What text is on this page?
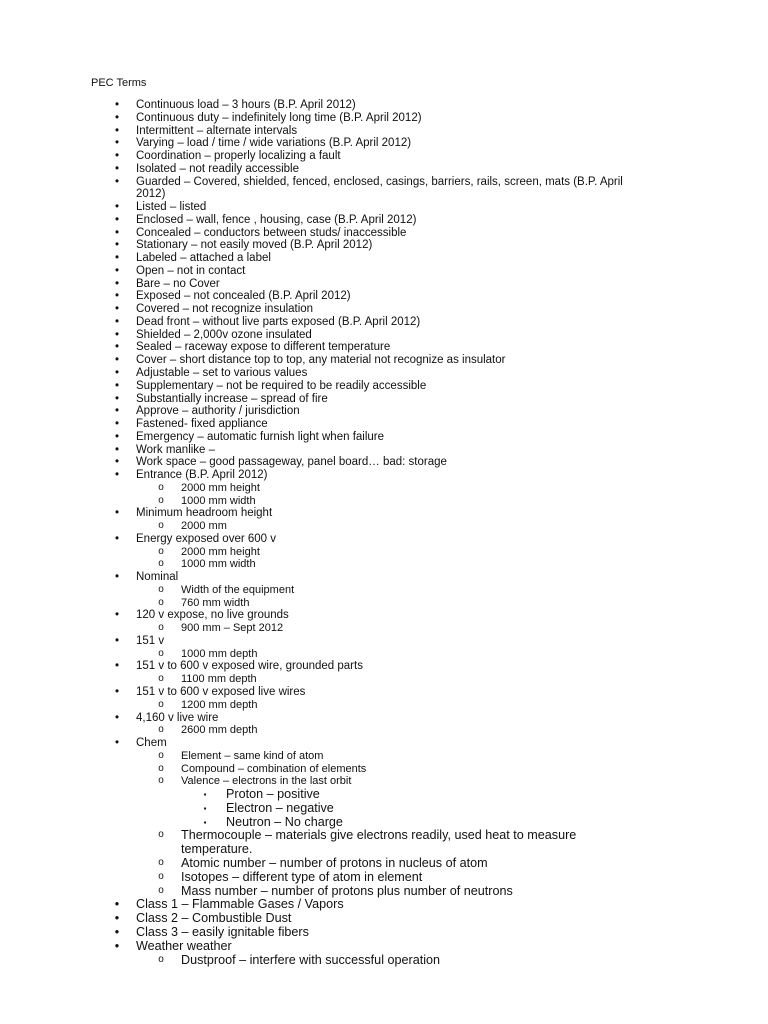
PEC Terms
• Continuous load – 3 hours (B.P. April 2012)
• Continuous duty – indefinitely long time (B.P. April 2012)
• Intermittent – alternate intervals
• Varying – load / time / wide variations (B.P. April 2012)
• Coordination – properly localizing a fault
• Isolated – not readily accessible
• Guarded – Covered, shielded, fenced, enclosed, casings, barriers, rails, screen, mats (B.P. April
2012)
• Listed – listed
• Enclosed – wall, fence , housing, case (B.P. April 2012)
• Concealed – conductors between studs/ inaccessible
• Stationary – not easily moved (B.P. April 2012)
• Labeled – attached a label
• Open – not in contact
• Bare – no Cover
• Exposed – not concealed (B.P. April 2012)
• Covered – not recognize insulation
• Dead front – without live parts exposed (B.P. April 2012)
• Shielded – 2,000v ozone insulated
• Sealed – raceway expose to different temperature
• Cover – short distance top to top, any material not recognize as insulator
• Adjustable – set to various values
• Supplementary – not be required to be readily accessible
• Substantially increase – spread of fire
• Approve – authority / jurisdiction
• Fastened- fixed appliance
• Emergency – automatic furnish light when failure
• Work manlike –
• Work space – good passageway, panel board… bad: storage
• Entrance (B.P. April 2012)
o 2000 mm height
o 1000 mm width
• Minimum headroom height
o 2000 mm
• Energy exposed over 600 v
o 2000 mm height
o 1000 mm width
• Nominal
o Width of the equipment
o 760 mm width
• 120 v expose, no live grounds
o 900 mm – Sept 2012
• 151 v
o 1000 mm depth
• 151 v to 600 v exposed wire, grounded parts
o 1100 mm depth
• 151 v to 600 v exposed live wires
o 1200 mm depth
• 4,160 v live wire
o 2600 mm depth
• Chem
o Element – same kind of atom
o Compound – combination of elements
o Valence – electrons in the last orbit
▪ Proton – positive
▪ Electron – negative
▪ Neutron – No charge
o Thermocouple – materials give electrons readily, used heat to measure
temperature.
o Atomic number – number of protons in nucleus of atom
o Isotopes – different type of atom in element
o Mass number – number of protons plus number of neutrons
• Class 1 – Flammable Gases / Vapors
• Class 2 – Combustible Dust
• Class 3 – easily ignitable fibers
• Weather weather
o Dustproof – interfere with successful operation
